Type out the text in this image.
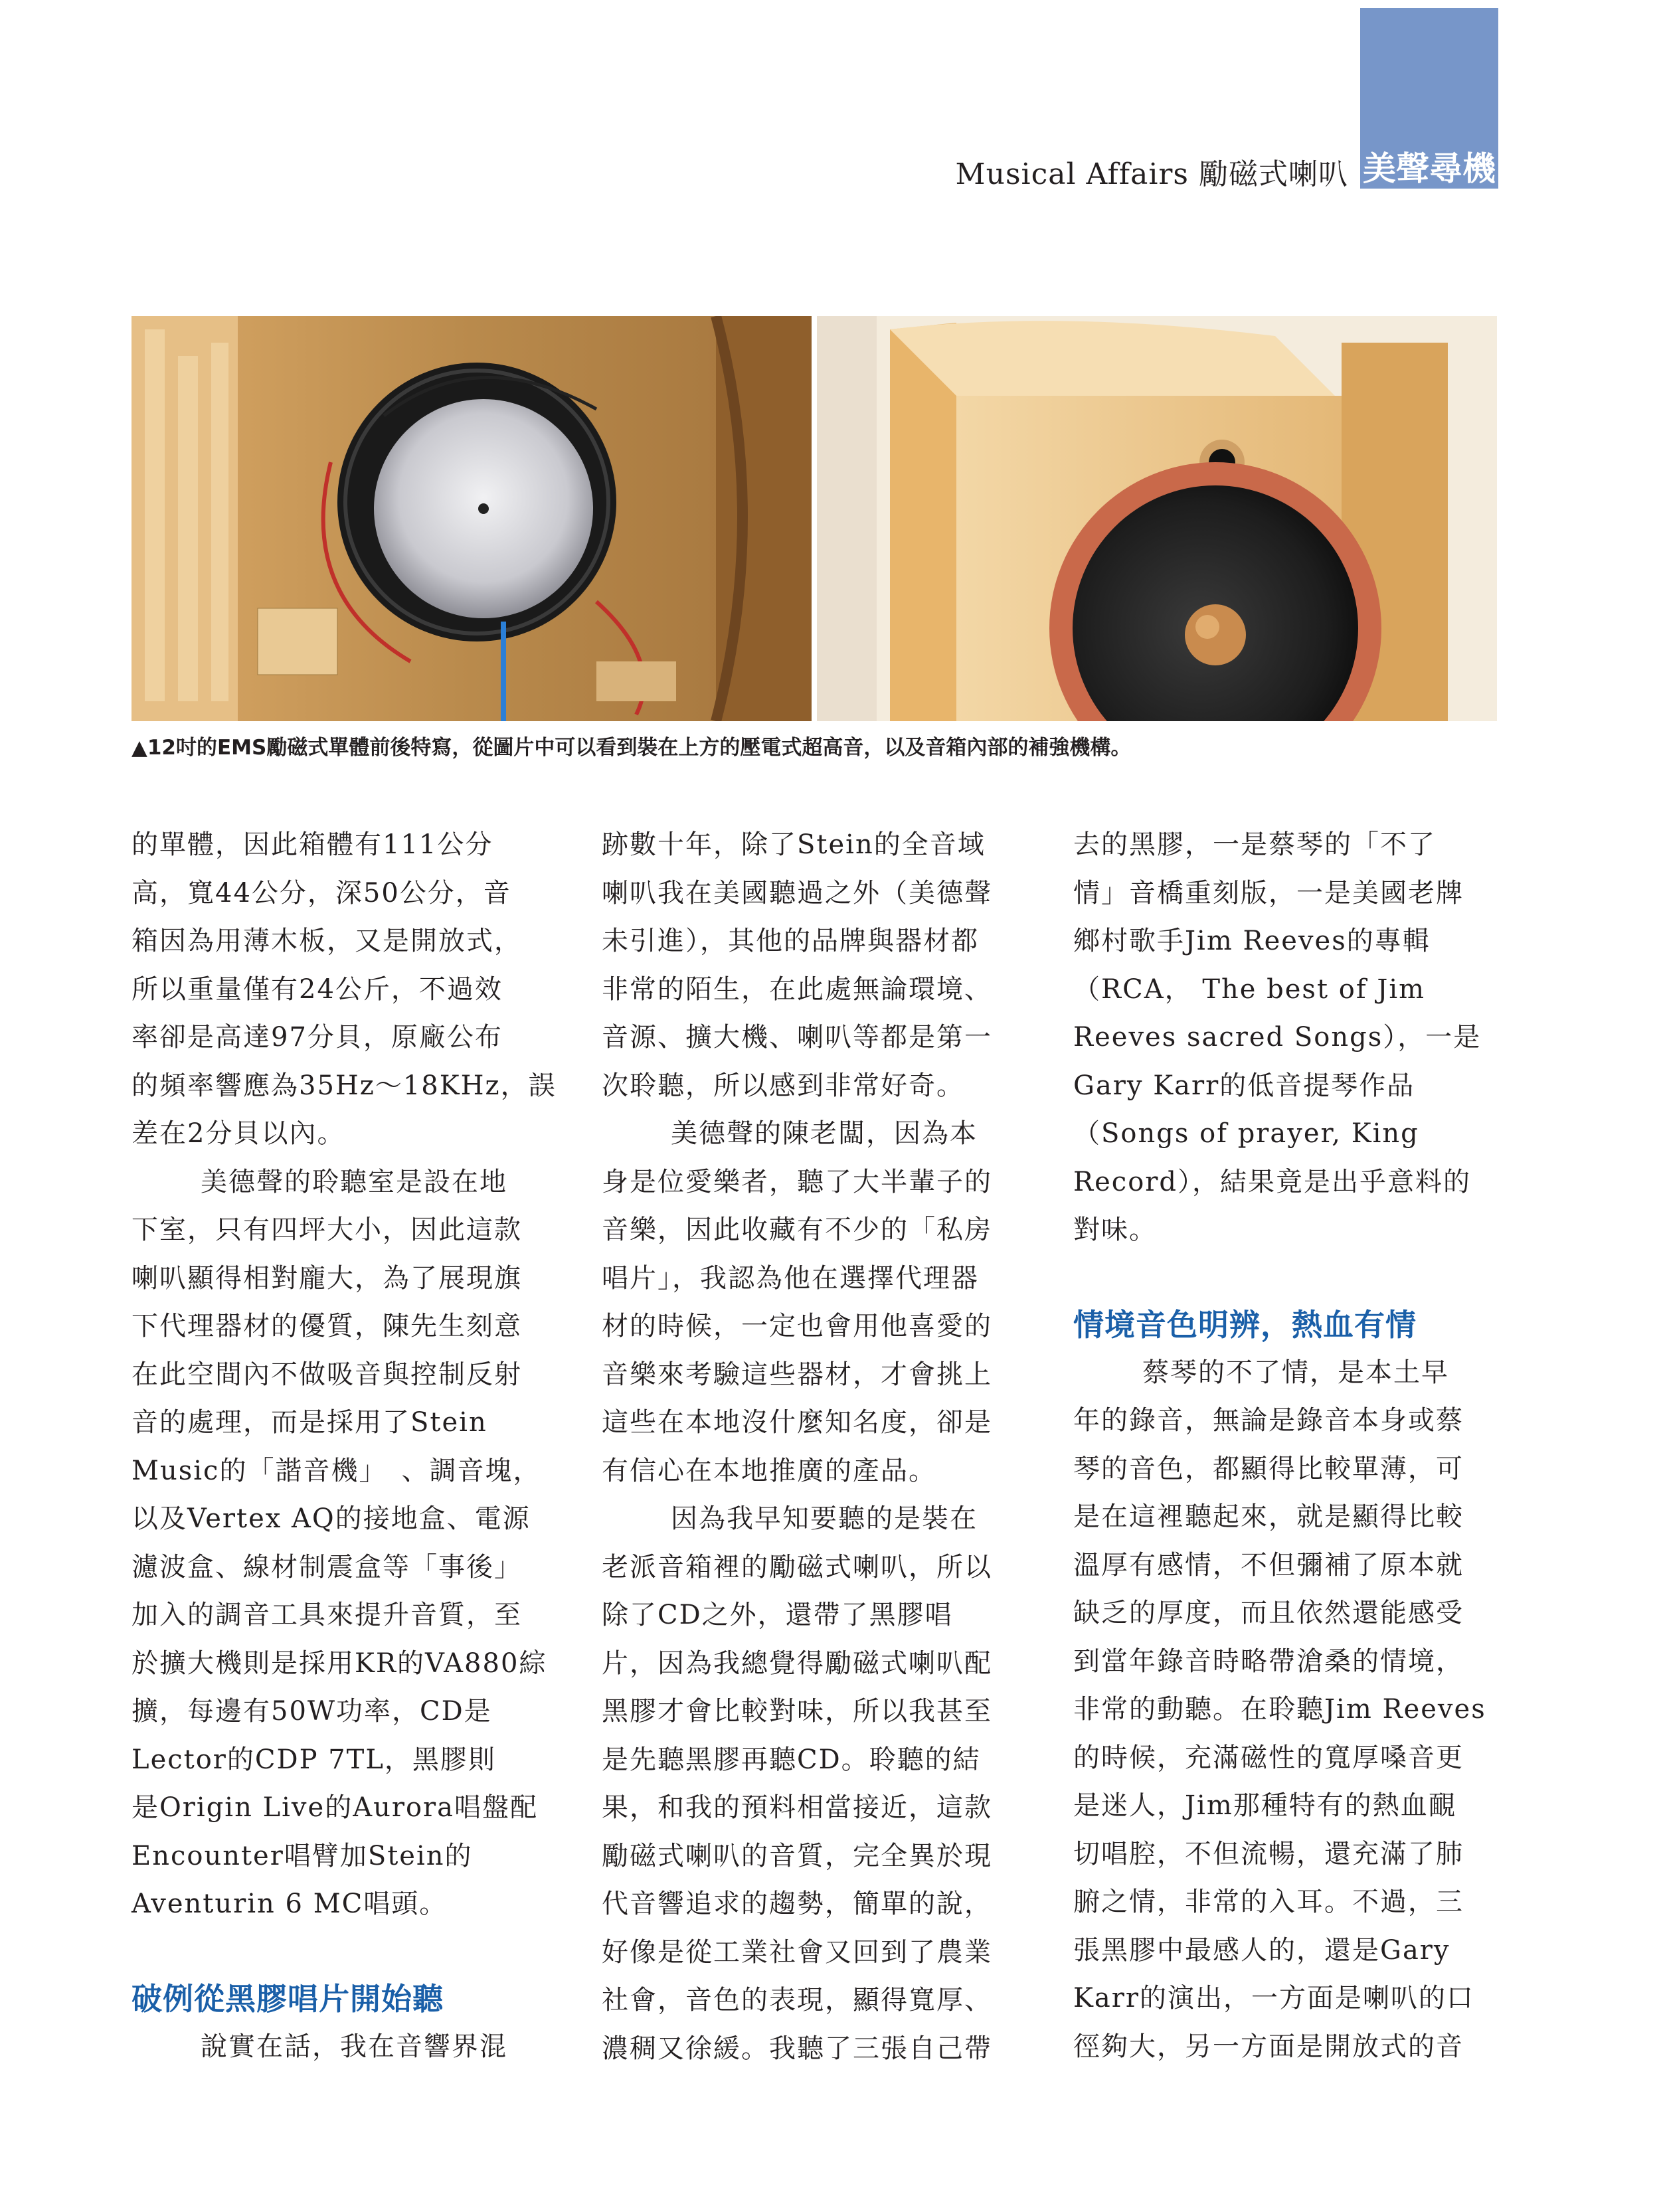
美聲尋機
Musical Affairs 勵磁式喇叭
▲12吋的EMS勵磁式單體前後特寫，從圖片中可以看到裝在上方的壓電式超高音，以及音箱內部的補強機構。

的單體，因此箱體有111公分
高，寬44公分，深50公分，音
箱因為用薄木板，又是開放式，
所以重量僅有24公斤，不過效
率卻是高達97分貝，原廠公布
的頻率響應為35Hz～18KHz，誤
差在2分貝以內。

美德聲的聆聽室是設在地
下室，只有四坪大小，因此這款
喇叭顯得相對龐大，為了展現旗
下代理器材的優質，陳先生刻意
在此空間內不做吸音與控制反射
音的處理，而是採用了Stein
Music的「諧音機」　、調音塊，
以及Vertex AQ的接地盒、電源
濾波盒、線材制震盒等「事後」
加入的調音工具來提升音質，至
於擴大機則是採用KR的VA880綜
擴，每邊有50W功率，CD是
Lector的CDP 7TL，黑膠則
是Origin Live的Aurora唱盤配
Encounter唱臂加Stein的
Aventurin 6 MC唱頭。

破例從黑膠唱片開始聽

說實在話，我在音響界混

跡數十年，除了Stein的全音域
喇叭我在美國聽過之外（美德聲
未引進），其他的品牌與器材都
非常的陌生，在此處無論環境、
音源、擴大機、喇叭等都是第一
次聆聽，所以感到非常好奇。

美德聲的陳老闆，因為本
身是位愛樂者，聽了大半輩子的
音樂，因此收藏有不少的「私房
唱片」，我認為他在選擇代理器
材的時候，一定也會用他喜愛的
音樂來考驗這些器材，才會挑上
這些在本地沒什麼知名度，卻是
有信心在本地推廣的產品。

因為我早知要聽的是裝在
老派音箱裡的勵磁式喇叭，所以
除了CD之外，還帶了黑膠唱
片，因為我總覺得勵磁式喇叭配
黑膠才會比較對味，所以我甚至
是先聽黑膠再聽CD。聆聽的結
果，和我的預料相當接近，這款
勵磁式喇叭的音質，完全異於現
代音響追求的趨勢，簡單的說，
好像是從工業社會又回到了農業
社會，音色的表現，顯得寬厚、
濃稠又徐緩。我聽了三張自己帶

去的黑膠，一是蔡琴的「不了
情」音橋重刻版，一是美國老牌
鄉村歌手Jim Reeves的專輯
（RCA， The best of Jim
Reeves sacred Songs），一是
Gary Karr的低音提琴作品
（Songs of prayer, King
Record），結果竟是出乎意料的
對味。

情境音色明辨，熱血有情

蔡琴的不了情，是本土早
年的錄音，無論是錄音本身或蔡
琴的音色，都顯得比較單薄，可
是在這裡聽起來，就是顯得比較
溫厚有感情，不但彌補了原本就
缺乏的厚度，而且依然還能感受
到當年錄音時略帶滄桑的情境，
非常的動聽。在聆聽Jim Reeves
的時候，充滿磁性的寬厚嗓音更
是迷人，Jim那種特有的熱血靦
切唱腔，不但流暢，還充滿了肺
腑之情，非常的入耳。不過，三
張黑膠中最感人的，還是Gary
Karr的演出，一方面是喇叭的口
徑夠大，另一方面是開放式的音
